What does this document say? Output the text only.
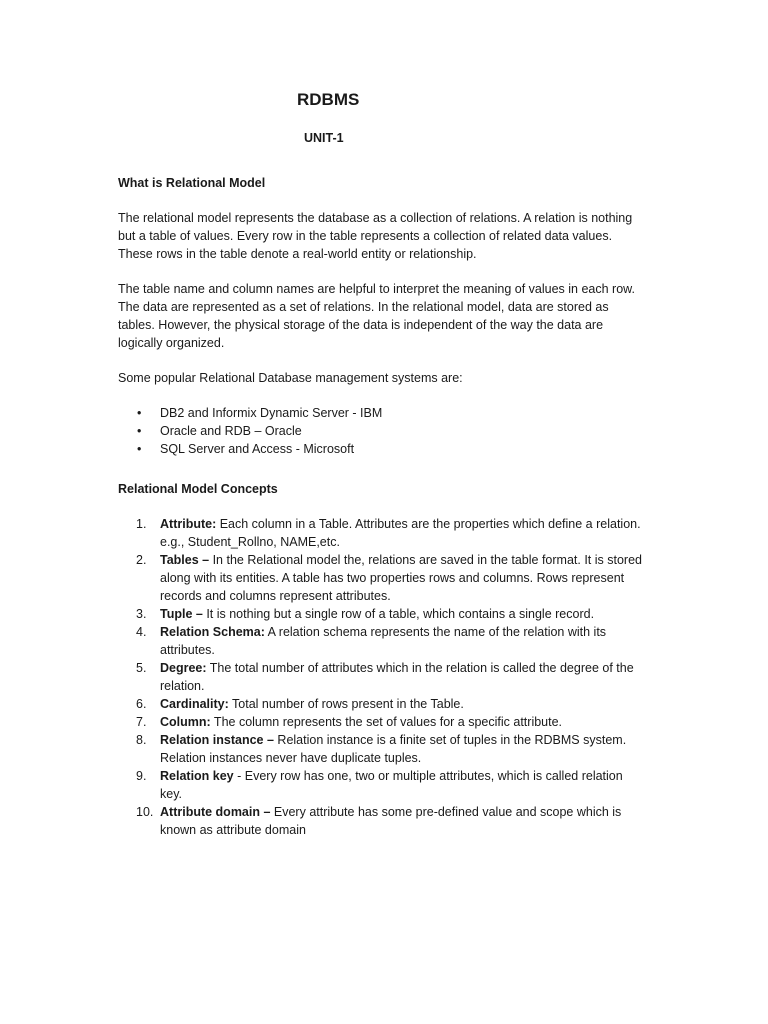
RDBMS
UNIT-1

What is Relational Model

The relational model represents the database as a collection of relations. A relation is nothing but a table of values. Every row in the table represents a collection of related data values. These rows in the table denote a real-world entity or relationship.

The table name and column names are helpful to interpret the meaning of values in each row. The data are represented as a set of relations. In the relational model, data are stored as tables. However, the physical storage of the data is independent of the way the data are logically organized.

Some popular Relational Database management systems are:

• DB2 and Informix Dynamic Server - IBM
• Oracle and RDB – Oracle
• SQL Server and Access - Microsoft

Relational Model Concepts

1.	Attribute: Each column in a Table. Attributes are the properties which define a relation. e.g., Student_Rollno, NAME,etc.
2.	Tables – In the Relational model the, relations are saved in the table format. It is stored along with its entities. A table has two properties rows and columns. Rows represent records and columns represent attributes.
3.	Tuple – It is nothing but a single row of a table, which contains a single record.
4.	Relation Schema: A relation schema represents the name of the relation with its attributes.
5.	Degree: The total number of attributes which in the relation is called the degree of the relation.
6.	Cardinality: Total number of rows present in the Table.
7.	Column: The column represents the set of values for a specific attribute.
8.	Relation instance – Relation instance is a finite set of tuples in the RDBMS system. Relation instances never have duplicate tuples.
9.	Relation key - Every row has one, two or multiple attributes, which is called relation key.
10. Attribute domain – Every attribute has some pre-defined value and scope which is known as attribute domain
